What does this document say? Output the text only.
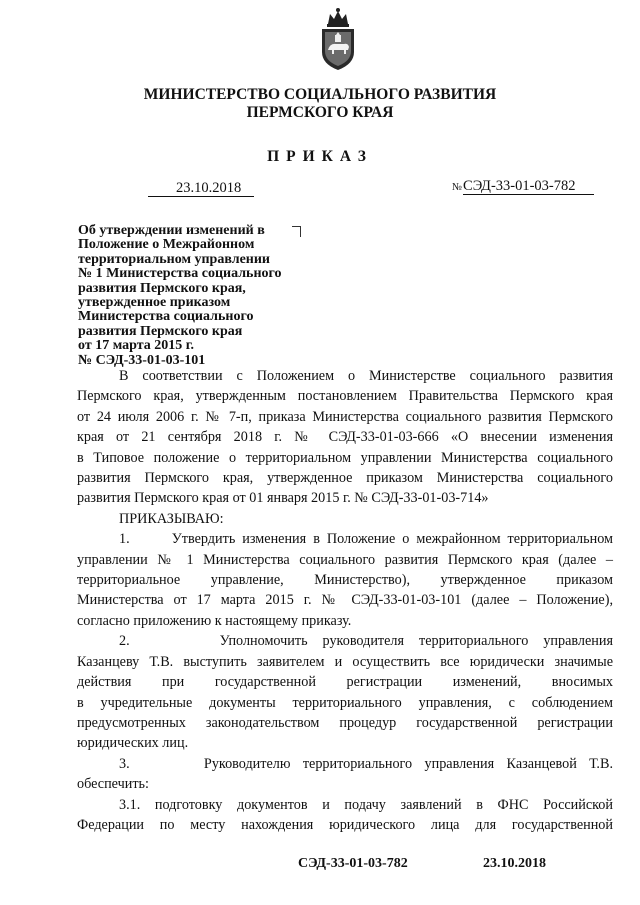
МИНИСТЕРСТВО СОЦИАЛЬНОГО РАЗВИТИЯ
ПЕРМСКОГО КРАЯ
ПРИКАЗ
23.10.2018	№СЭД-33-01-03-782
Об утверждении изменений в
Положение о Межрайонном
территориальном управлении
№ 1 Министерства социального
развития Пермского края,
утвержденное приказом
Министерства социального
развития Пермского края
от 17 марта 2015 г.
№ СЭД-33-01-03-101
В соответствии с Положением о Министерстве социального развития
Пермского края, утвержденным постановлением Правительства Пермского края
от 24 июля 2006 г. № 7-п, приказа Министерства социального развития Пермского
края от 21 сентября 2018 г. № СЭД-33-01-03-666 «О внесении изменения
в Типовое положение о территориальном управлении Министерства социального
развития Пермского края, утвержденное приказом Министерства социального
развития Пермского края от 01 января 2015 г. № СЭД-33-01-03-714»
ПРИКАЗЫВАЮ:
1.      Утвердить изменения в Положение о межрайонном территориальном
управлении № 1 Министерства социального развития Пермского края (далее –
территориальное управление, Министерство), утвержденное приказом
Министерства от 17 марта 2015 г. № СЭД-33-01-03-101 (далее – Положение),
согласно приложению к настоящему приказу.
2.      Уполномочить руководителя территориального управления
Казанцеву Т.В. выступить заявителем и осуществить все юридически значимые
действия при государственной регистрации изменений, вносимых
в учредительные документы территориального управления, с соблюдением
предусмотренных законодательством процедур государственной регистрации
юридических лиц.
3.      Руководителю территориального управления Казанцевой Т.В.
обеспечить:
3.1. подготовку документов и подачу заявлений в ФНС Российской
Федерации по месту нахождения юридического лица для государственной
СЭД-33-01-03-782	23.10.2018
